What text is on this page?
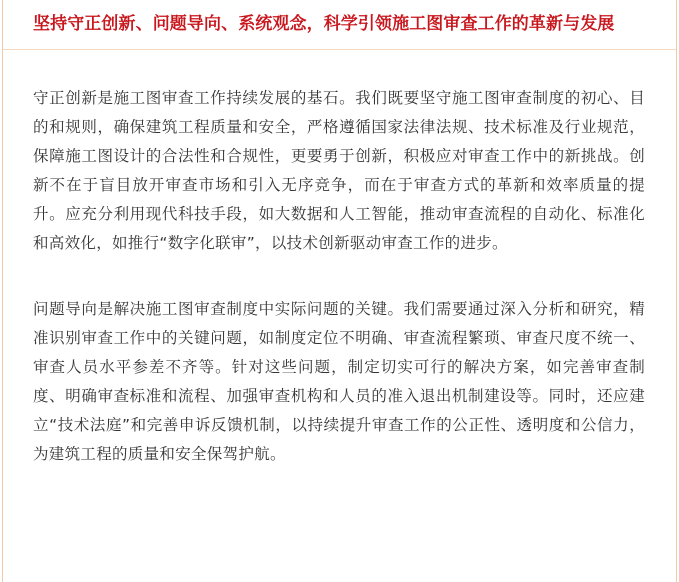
坚持守正创新、问题导向、系统观念，科学引领施工图审查工作的革新与发展

守正创新是施工图审查工作持续发展的基石。我们既要坚守施工图审查制度的初心、目的和规则，确保建筑工程质量和安全，严格遵循国家法律法规、技术标准及行业规范，保障施工图设计的合法性和合规性，更要勇于创新，积极应对审查工作中的新挑战。创新不在于盲目放开审查市场和引入无序竞争，而在于审查方式的革新和效率质量的提升。应充分利用现代科技手段，如大数据和人工智能，推动审查流程的自动化、标准化和高效化，如推行“数字化联审”，以技术创新驱动审查工作的进步。

问题导向是解决施工图审查制度中实际问题的关键。我们需要通过深入分析和研究，精准识别审查工作中的关键问题，如制度定位不明确、审查流程繁琐、审查尺度不统一、审查人员水平参差不齐等。针对这些问题，制定切实可行的解决方案，如完善审查制度、明确审查标准和流程、加强审查机构和人员的准入退出机制建设等。同时，还应建立“技术法庭”和完善申诉反馈机制，以持续提升审查工作的公正性、透明度和公信力，为建筑工程的质量和安全保驾护航。
